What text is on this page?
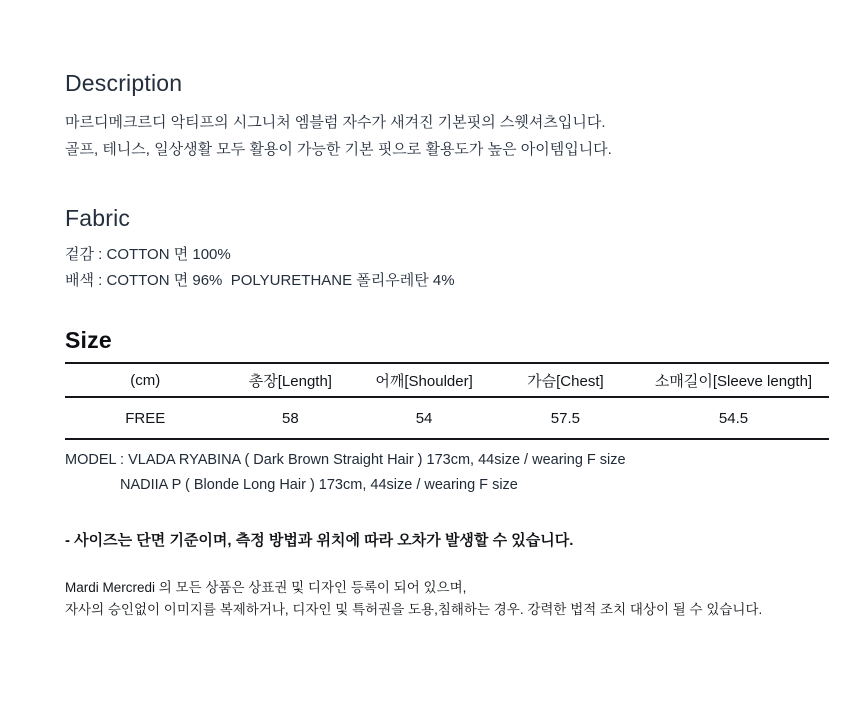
Description
마르디메크르디 악티프의 시그니처 엠블럼 자수가 새겨진 기본핏의 스웻셔츠입니다.
골프, 테니스, 일상생활 모두 활용이 가능한 기본 핏으로 활용도가 높은 아이템입니다.
Fabric
겉감 : COTTON 면 100%
배색 : COTTON 면 96%  POLYURETHANE 폴리우레탄 4%
Size
(cm)	총장[Length]	어깨[Shoulder]	가슴[Chest]	소매길이[Sleeve length]
FREE	58	54	57.5	54.5
MODEL : VLADA RYABINA ( Dark Brown Straight Hair ) 173cm, 44size / wearing F size
NADIIA P ( Blonde Long Hair ) 173cm, 44size / wearing F size
- 사이즈는 단면 기준이며, 측정 방법과 위치에 따라 오차가 발생할 수 있습니다.
Mardi Mercredi 의 모든 상품은 상표권 및 디자인 등록이 되어 있으며,
자사의 승인없이 이미지를 복제하거나, 디자인 및 특허권을 도용,침해하는 경우. 강력한 법적 조치 대상이 될 수 있습니다.
